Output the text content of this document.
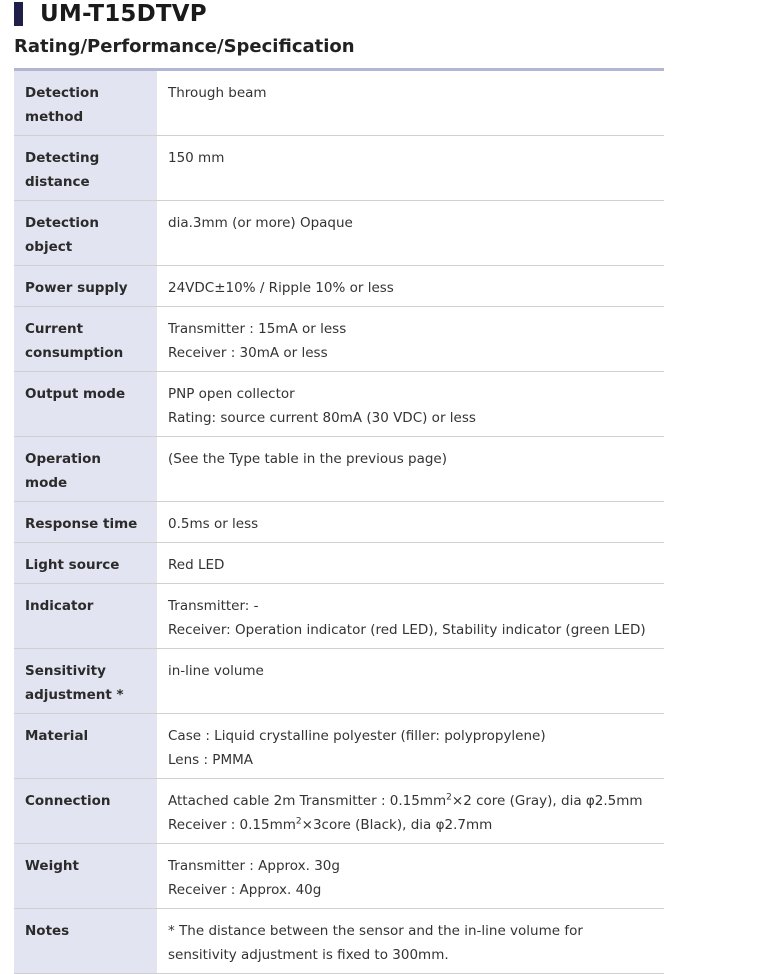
UM-T15DTVP
Rating/Performance/Specification
Detection method	Through beam

Detecting
distance	150 mm

Detection object	dia.3mm (or more) Opaque

Power supply	24VDC±10% / Ripple 10% or less

Current
consumption	Transmitter : 15mA or less
Receiver : 30mA or less

Output mode	PNP open collector
Rating: source current 80mA (30 VDC) or less

Operation mode	(See the Type table in the previous page)

Response time	0.5ms or less

Light source	Red LED

Indicator	Transmitter: -
Receiver: Operation indicator (red LED), Stability indicator (green LED)

Sensitivity
adjustment *	in-line volume

Material	Case : Liquid crystalline polyester (filler: polypropylene)
Lens : PMMA

Connection	Attached cable 2m Transmitter : $0.15mm^2\times 2$ core (Gray), dia φ2.5mm
Receiver : $0.15mm^2\times 3core$ (Black), dia φ2.7mm

Weight	Transmitter : Approx. 30g
Receiver : Approx. 40g

Notes	* The distance between the sensor and the in-line volume for sensitivity adjustment is fixed to 300mm.
